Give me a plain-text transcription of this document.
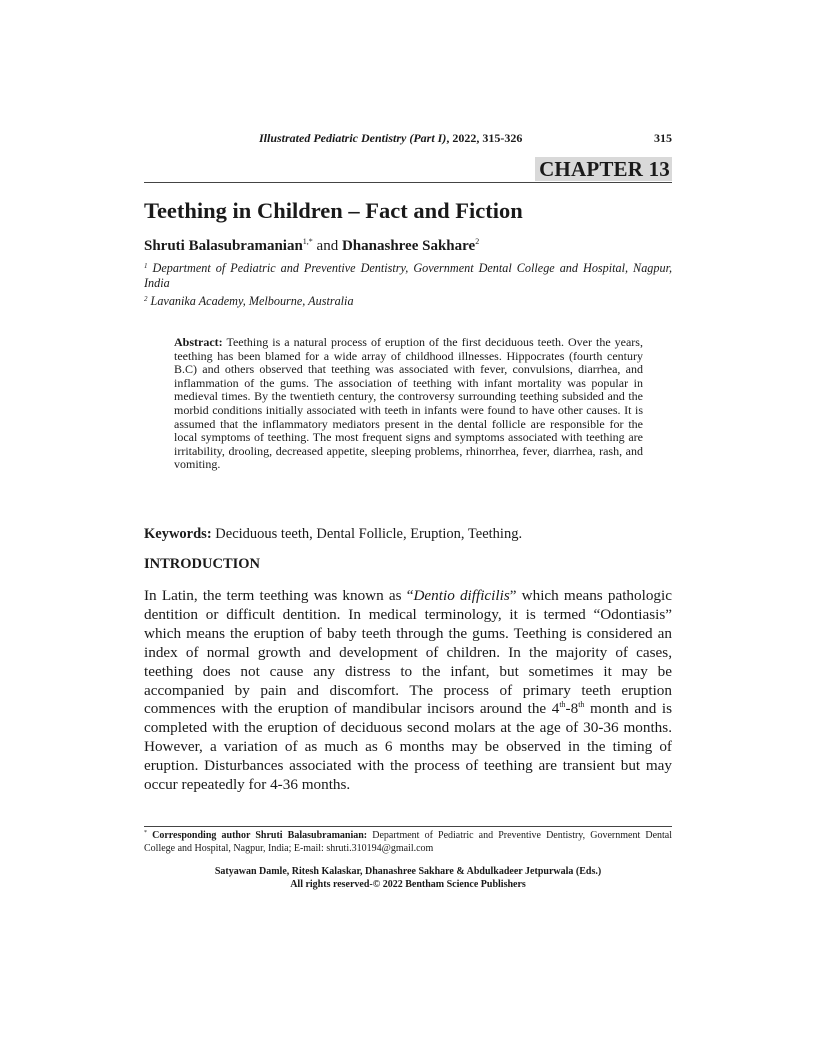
Illustrated Pediatric Dentistry (Part I), 2022, 315-326	315
CHAPTER 13
Teething in Children – Fact and Fiction
Shruti Balasubramanian$^{1,*}$ and Dhanashree Sakhare$^2$
$^1$ Department of Pediatric and Preventive Dentistry, Government Dental College and Hospital, Nagpur, India
$^2$ Lavanika Academy, Melbourne, Australia
Abstract: Teething is a natural process of eruption of the first deciduous teeth. Over the years, teething has been blamed for a wide array of childhood illnesses. Hippocrates (fourth century B.C) and others observed that teething was associated with fever, convulsions, diarrhea, and inflammation of the gums. The association of teething with infant mortality was popular in medieval times. By the twentieth century, the controversy surrounding teething subsided and the morbid conditions initially associated with teeth in infants were found to have other causes. It is assumed that the inflammatory mediators present in the dental follicle are responsible for the local symptoms of teething. The most frequent signs and symptoms associated with teething are irritability, drooling, decreased appetite, sleeping problems, rhinorrhea, fever, diarrhea, rash, and vomiting.
Keywords: Deciduous teeth, Dental Follicle, Eruption, Teething.
INTRODUCTION

In Latin, the term teething was known as “Dentio difficilis” which means pathologic dentition or difficult dentition. In medical terminology, it is termed “Odontiasis” which means the eruption of baby teeth through the gums. Teething is considered an index of normal growth and development of children. In the majority of cases, teething does not cause any distress to the infant, but sometimes it may be accompanied by pain and discomfort. The process of primary teeth eruption commences with the eruption of mandibular incisors around the 4th-8th month and is completed with the eruption of deciduous second molars at the age of 30-36 months. However, a variation of as much as 6 months may be observed in the timing of eruption. Disturbances associated with the process of teething are transient but may occur repeatedly for 4-36 months.

* Corresponding author Shruti Balasubramanian: Department of Pediatric and Preventive Dentistry, Government Dental College and Hospital, Nagpur, India; E-mail: shruti.310194@gmail.com
Satyawan Damle, Ritesh Kalaskar, Dhanashree Sakhare & Abdulkadeer Jetpurwala (Eds.)
All rights reserved-© 2022 Bentham Science Publishers
